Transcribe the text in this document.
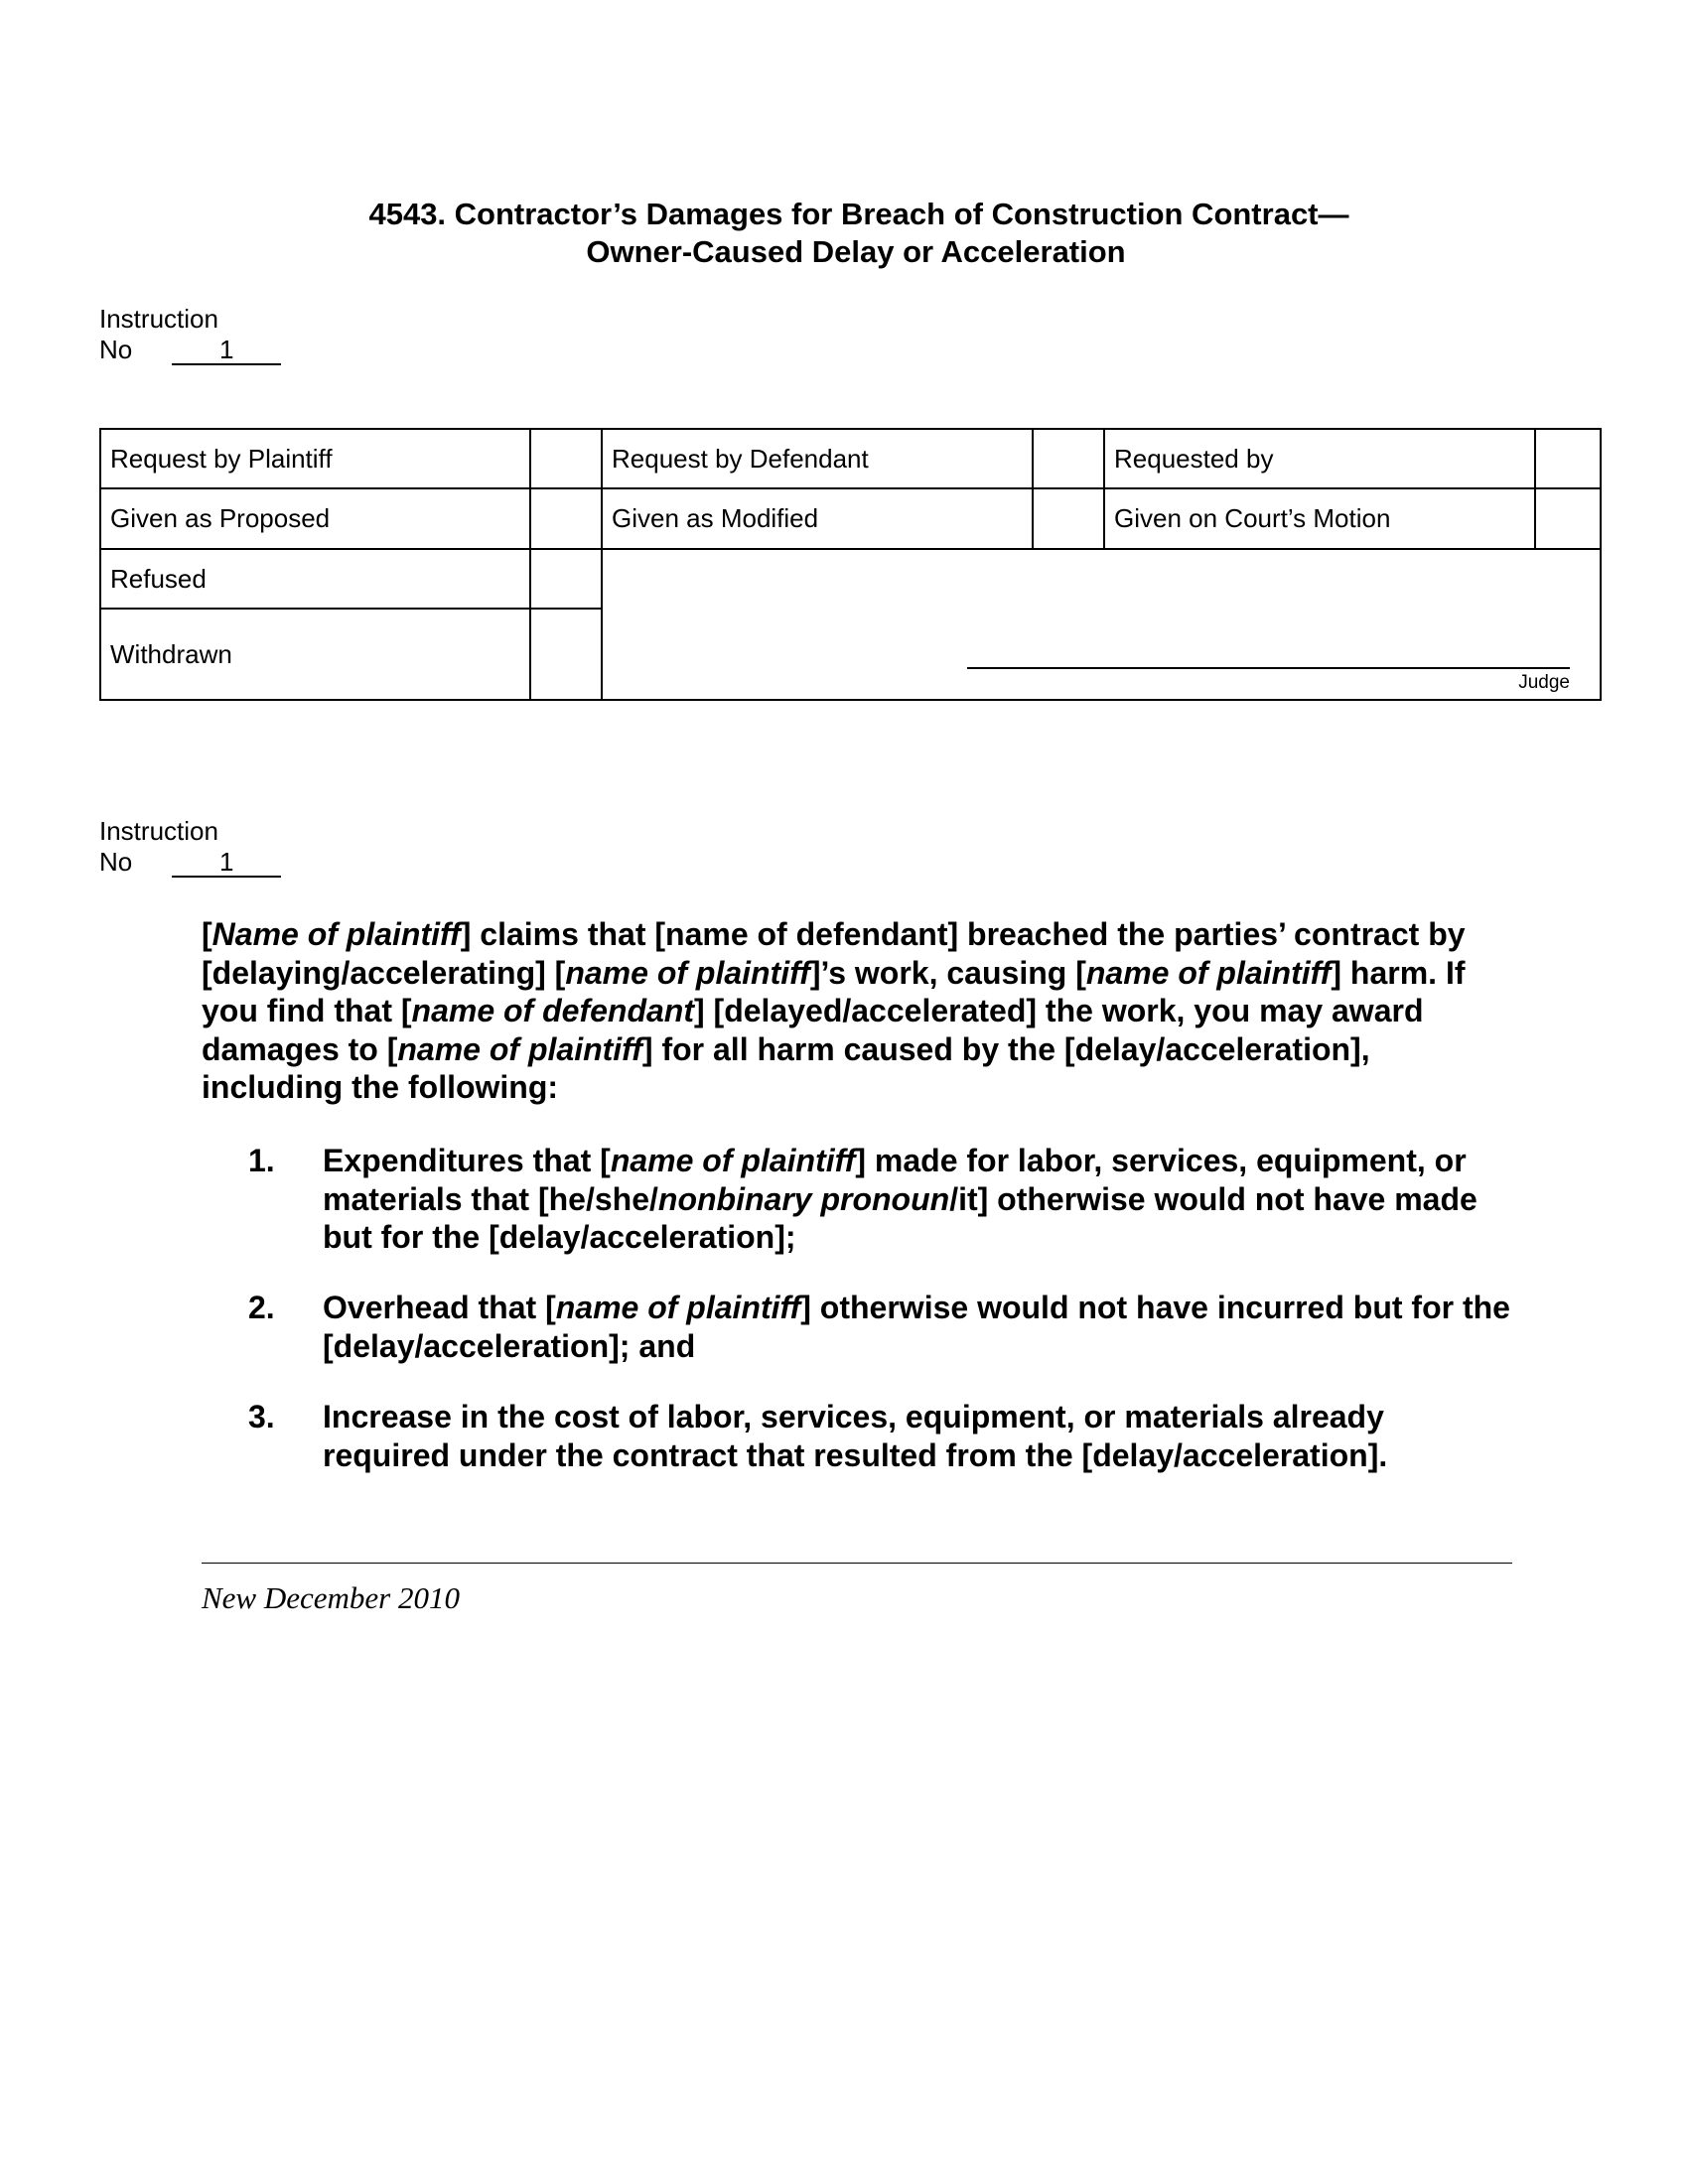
4543. Contractor’s Damages for Breach of Construction Contract—
Owner-Caused Delay or Acceleration
Instruction
No	1
Request by Plaintiff		Request by Defendant		Requested by	
Given as Proposed		Given as Modified		Given on Court’s Motion	
Refused		Judge			

Withdrawn					
Instruction
No	1

[Name of plaintiff] claims that [name of defendant] breached the parties’ contract by [delaying/accelerating] [name of plaintiff]’s work, causing [name of plaintiff] harm. If you find that [name of defendant] [delayed/accelerated] the work, you may award damages to [name of plaintiff] for all harm caused by the [delay/acceleration], including the following:

1. Expenditures that [name of plaintiff] made for labor, services, equipment, or materials that [he/she/nonbinary pronoun/it] otherwise would not have made but for the [delay/acceleration];
2. Overhead that [name of plaintiff] otherwise would not have incurred but for the [delay/acceleration]; and
3. Increase in the cost of labor, services, equipment, or materials already required under the contract that resulted from the [delay/acceleration].
New December 2010
